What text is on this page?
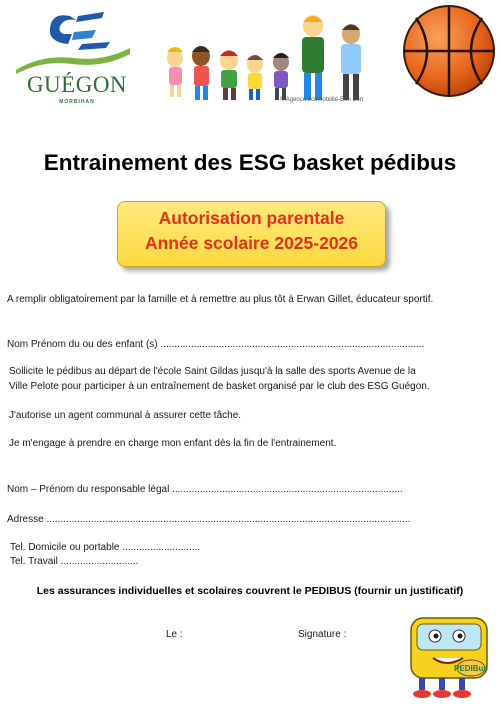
GUÉGON
MORBIHAN	© Agence écomobilité-Ben Berr
Entrainement des ESG basket pédibus
Autorisation parentale
Année scolaire 2025-2026
A remplir obligatoirement par la famille et à remettre au plus tôt à Erwan Gillet, éducateur sportif.
Nom Prénom du ou des enfant (s) ...............................................................................................
Sollicite le pédibus au départ de l'école Saint Gildas jusqu'à la salle des sports Avenue de la
Ville Pelote pour participer à un entraînement de basket organisé par le club des ESG Guégon.
J'autorise un agent communal à assurer cette tâche.
Je m'engage à prendre en charge mon enfant dès la fin de l'entrainement.
Nom – Prénom du responsable légal ...................................................................................
Adresse ...................................................................................................................................
Tel. Domicile ou portable ............................
Tel. Travail ............................
Les assurances individuelles et scolaires couvrent le PEDIBUS (fournir un justificatif)
Le :	Signature :
PEDIBus
